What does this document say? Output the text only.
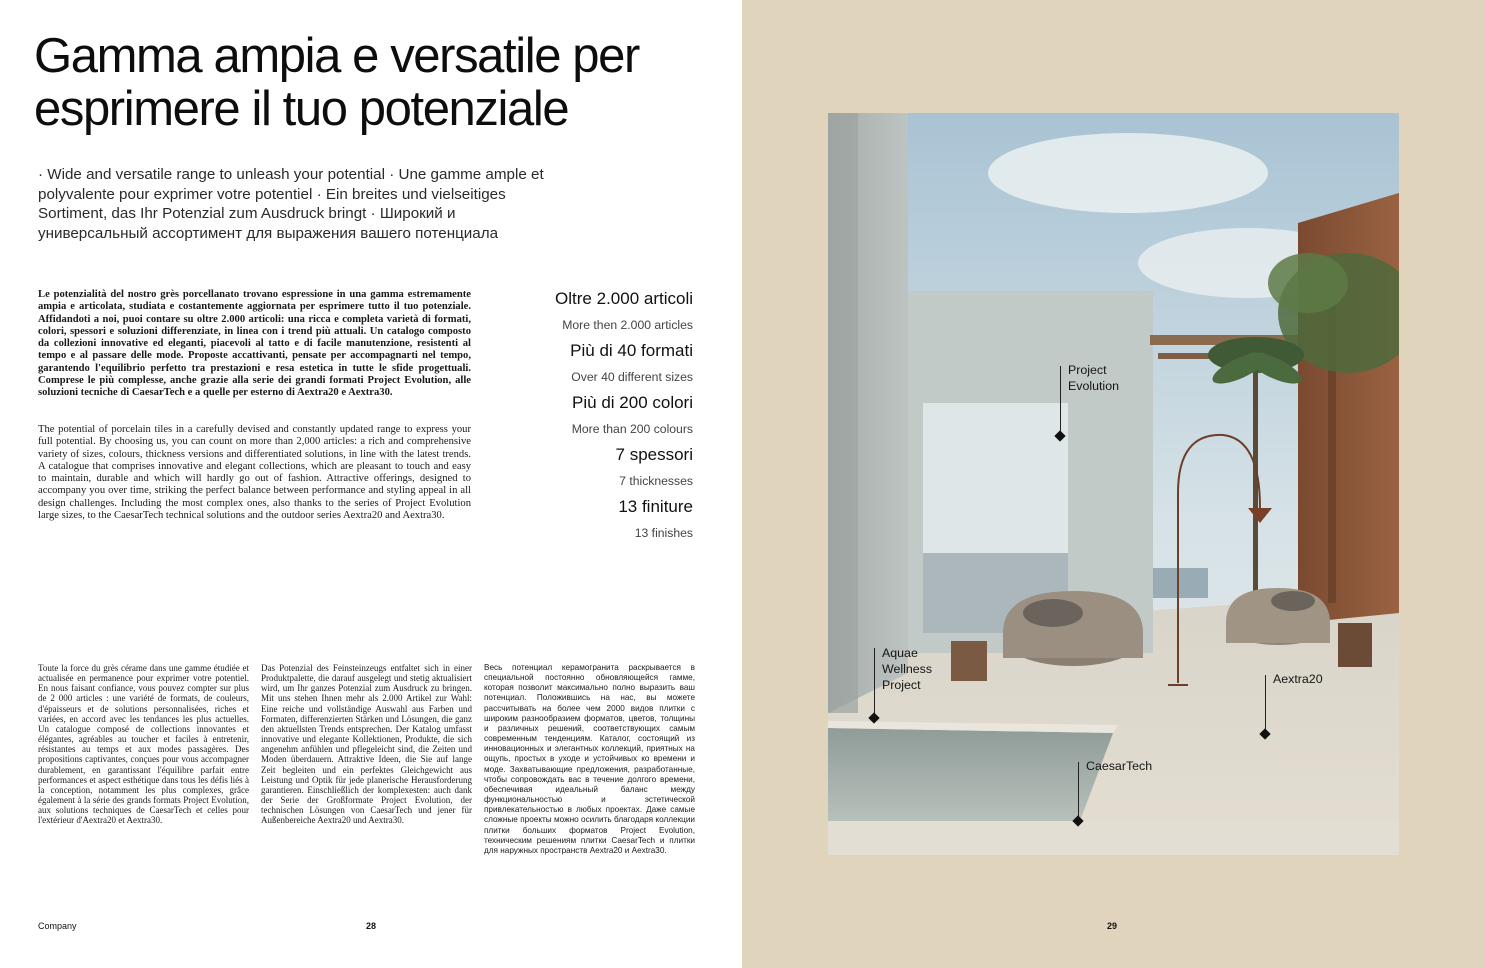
Gamma ampia e versatile per esprimere il tuo potenziale

· Wide and versatile range to unleash your potential · Une gamme ample et polyvalente pour exprimer votre potentiel · Ein breites und vielseitiges Sortiment, das Ihr Potenzial zum Ausdruck bringt · Широкий и универсальный ассортимент для выражения вашего потенциала

Le potenzialità del nostro grès porcellanato trovano espressione in una gamma estremamente ampia e articolata, studiata e costantemente aggiornata per esprimere tutto il tuo potenziale. Affidandoti a noi, puoi contare su oltre 2.000 articoli: una ricca e completa varietà di formati, colori, spessori e soluzioni differenziate, in linea con i trend più attuali. Un catalogo composto da collezioni innovative ed eleganti, piacevoli al tatto e di facile manutenzione, resistenti al tempo e al passare delle mode. Proposte accattivanti, pensate per accompagnarti nel tempo, garantendo l'equilibrio perfetto tra prestazioni e resa estetica in tutte le sfide progettuali. Comprese le più complesse, anche grazie alla serie dei grandi formati Project Evolution, alle soluzioni tecniche di CaesarTech e a quelle per esterno di Aextra20 e Aextra30.

The potential of porcelain tiles in a carefully devised and constantly updated range to express your full potential. By choosing us, you can count on more than 2,000 articles: a rich and comprehensive variety of sizes, colours, thickness versions and differentiated solutions, in line with the latest trends. A catalogue that comprises innovative and elegant collections, which are pleasant to touch and easy to maintain, durable and which will hardly go out of fashion. Attractive offerings, designed to accompany you over time, striking the perfect balance between performance and styling appeal in all design challenges. Including the most complex ones, also thanks to the series of Project Evolution large sizes, to the CaesarTech technical solutions and the outdoor series Aextra20 and Aextra30.

Oltre 2.000 articoli
More then 2.000 articles
Più di 40 formati
Over 40 different sizes
Più di 200 colori
More than 200 colours
7 spessori
7 thicknesses
13 finiture
13 finishes

Toute la force du grès cérame dans une gamme étudiée et actualisée en permanence pour exprimer votre potentiel. En nous faisant confiance, vous pouvez compter sur plus de 2 000 articles : une variété de formats, de couleurs, d'épaisseurs et de solutions personnalisées, riches et variées, en accord avec les tendances les plus actuelles. Un catalogue composé de collections innovantes et élégantes, agréables au toucher et faciles à entretenir, résistantes au temps et aux modes passagères. Des propositions captivantes, conçues pour vous accompagner durablement, en garantissant l'équilibre parfait entre performances et aspect esthétique dans tous les défis liés à la conception, notamment les plus complexes, grâce également à la série des grands formats Project Evolution, aux solutions techniques de CaesarTech et celles pour l'extérieur d'Aextra20 et Aextra30.

Das Potenzial des Feinsteinzeugs entfaltet sich in einer Produktpalette, die darauf ausgelegt und stetig aktualisiert wird, um Ihr ganzes Potenzial zum Ausdruck zu bringen. Mit uns stehen Ihnen mehr als 2.000 Artikel zur Wahl: Eine reiche und vollständige Auswahl aus Farben und Formaten, differenzierten Stärken und Lösungen, die ganz den aktuellsten Trends entsprechen. Der Katalog umfasst innovative und elegante Kollektionen, Produkte, die sich angenehm anfühlen und pflegeleicht sind, die Zeiten und Moden überdauern. Attraktive Ideen, die Sie auf lange Zeit begleiten und ein perfektes Gleichgewicht aus Leistung und Optik für jede planerische Herausforderung garantieren. Einschließlich der komplexesten: auch dank der Serie der Großformate Project Evolution, der technischen Lösungen von CaesarTech und jener für Außenbereiche Aextra20 und Aextra30.

Весь потенциал керамогранита раскрывается в специальной постоянно обновляющейся гамме, которая позволит максимально полно выразить ваш потенциал. Положившись на нас, вы можете рассчитывать на более чем 2000 видов плитки с широким разнообразием форматов, цветов, толщины и различных решений, соответствующих самым современным тенденциям. Каталог, состоящий из инновационных и элегантных коллекций, приятных на ощупь, простых в уходе и устойчивых ко времени и моде. Захватывающие предложения, разработанные, чтобы сопровождать вас в течение долгого времени, обеспечивая идеальный баланс между функциональностью и эстетической привлекательностью в любых проектах. Даже самые сложные проекты можно осилить благодаря коллекции плитки больших форматов Project Evolution, техническим решениям плитки CaesarTech и плитки для наружных пространств Aextra20 и Aextra30.

Company	28
Project Evolution
Aquae Wellness Project	Aextra20
CaesarTech
29
